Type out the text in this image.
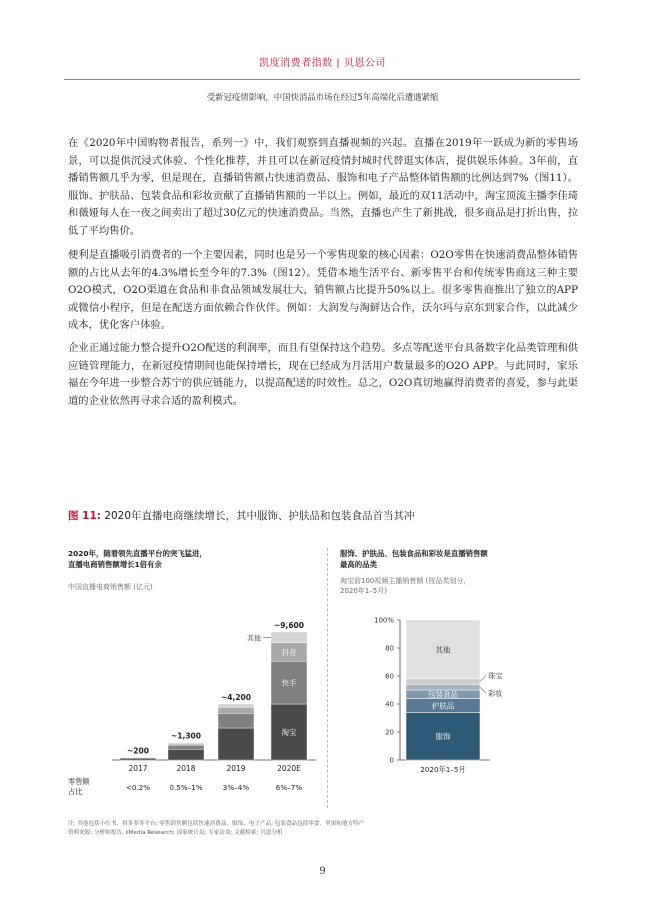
凯度消费者指数 | 贝恩公司
受新冠疫情影响，中国快消品市场在经过5年高端化后遭遇紧缩

在《2020年中国购物者报告，系列一》中，我们观察到直播视频的兴起。直播在2019年一跃成为新的零售场景，可以提供沉浸式体验、个性化推荐，并且可以在新冠疫情封城时代替逛实体店，提供娱乐体验。3年前，直播销售额几乎为零，但是现在，直播销售额占快速消费品、服饰和电子产品整体销售额的比例达到7%（图11）。服饰、护肤品、包装食品和彩妆贡献了直播销售额的一半以上。例如，最近的双11活动中，淘宝顶流主播李佳琦和薇娅每人在一夜之间卖出了超过30亿元的快速消费品。当然，直播也产生了新挑战，很多商品是打折出售，拉低了平均售价。

便利是直播吸引消费者的一个主要因素，同时也是另一个零售现象的核心因素：O2O零售在快速消费品整体销售额的占比从去年的4.3%增长至今年的7.3%（图12）。凭借本地生活平台、新零售平台和传统零售商这三种主要O2O模式，O2O渠道在食品和非食品领域发展壮大，销售额占比提升50%以上。很多零售商推出了独立的APP或微信小程序，但是在配送方面依赖合作伙伴。例如：大润发与淘鲜达合作，沃尔玛与京东到家合作，以此减少成本，优化客户体验。

企业正通过能力整合提升O2O配送的利润率，而且有望保持这个趋势。多点等配送平台具备数字化品类管理和供应链管理能力，在新冠疫情期间也能保持增长，现在已经成为月活用户数量最多的O2O APP。与此同时，家乐福在今年进一步整合苏宁的供应链能力，以提高配送的时效性。总之，O2O真切地赢得消费者的喜爱，参与此渠道的企业依然再寻求合适的盈利模式。

图 11: 2020年直播电商继续增长，其中服饰、护肤品和包装食品首当其冲

2020年，随着领先直播平台的突飞猛进，
直播电商销售额增长1倍有余

中国直播电商销售额 (亿元)

服饰、护肤品、包装食品和彩妆是直播销售额
最高的品类

淘宝前100视频主播销售额 (按品类划分，
2020年1–5月)

~200
2017
<0.2%
~1,300
2018
0.5%–1%
~4,200
2019
3%–4%
淘宝
快手
抖音
~9,600
2020E
6%–7%
其他
零售额
占比
0
20
40
60
80
100%
服饰
护肤品
包装食品	彩妆
珠宝
其他
2020年1–5月
注: 其他包括小红书、拼多多等平台; 零售销售额包括快速消费品、服饰、电子产品; 包装食品包括零食、坚果和地方特产
资料来源: 分析师报告, iiMedia Research; 国家统计局; 专家访谈; 文献检索; 贝恩分析
9
